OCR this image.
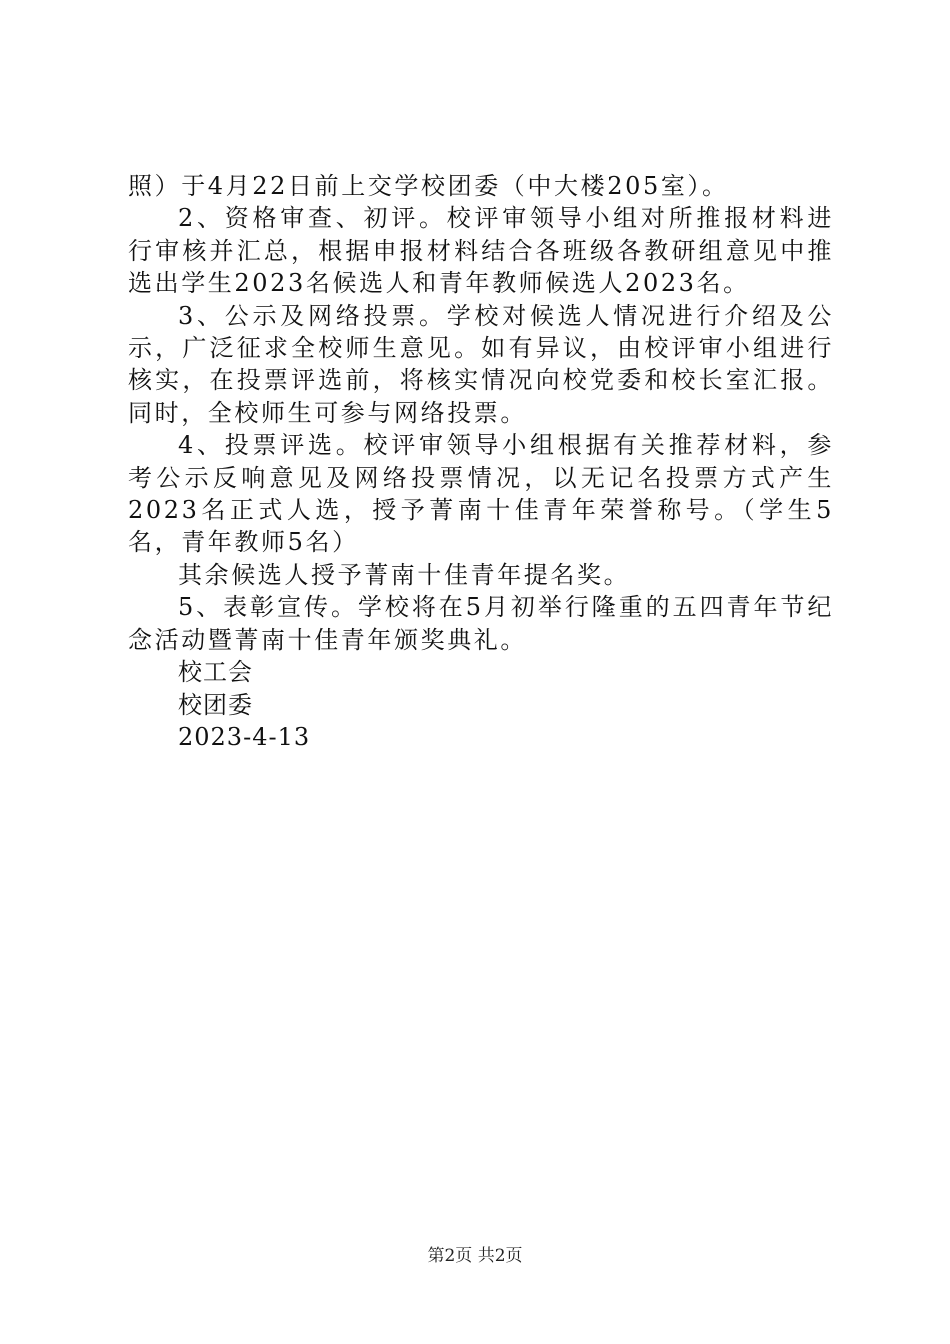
照）于4月22日前上交学校团委（中大楼205室）。

2、资格审查、初评。校评审领导小组对所推报材料进行审核并汇总，根据申报材料结合各班级各教研组意见中推选出学生2023名候选人和青年教师候选人2023名。

3、公示及网络投票。学校对候选人情况进行介绍及公示，广泛征求全校师生意见。如有异议，由校评审小组进行核实，在投票评选前，将核实情况向校党委和校长室汇报。同时，全校师生可参与网络投票。

4、投票评选。校评审领导小组根据有关推荐材料，参考公示反响意见及网络投票情况，以无记名投票方式产生2023名正式人选，授予菁南十佳青年荣誉称号。（学生5名，青年教师5名）

其余候选人授予菁南十佳青年提名奖。

5、表彰宣传。学校将在5月初举行隆重的五四青年节纪念活动暨菁南十佳青年颁奖典礼。

校工会

校团委

2023-4-13

第2页 共2页
